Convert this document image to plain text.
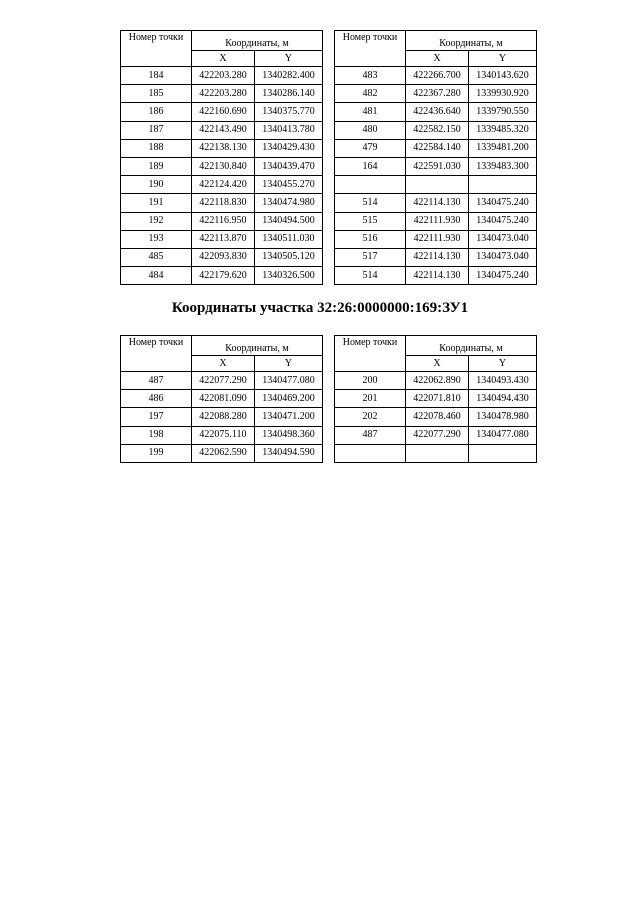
Номер точки	Координаты, м	
	X	Y
184	422203.280	1340282.400
185	422203.280	1340286.140
186	422160.690	1340375.770
187	422143.490	1340413.780
188	422138.130	1340429.430
189	422130.840	1340439.470
190	422124.420	1340455.270
191	422118.830	1340474.980
192	422116.950	1340494.500
193	422113.870	1340511.030
485	422093.830	1340505.120
484	422179.620	1340326.500
Номер точки	Координаты, м	
	X	Y
483	422266.700	1340143.620
482	422367.280	1339930.920
481	422436.640	1339790.550
480	422582.150	1339485.320
479	422584.140	1339481.200
164	422591.030	1339483.300

514	422114.130	1340475.240
515	422111.930	1340475.240
516	422111.930	1340473.040
517	422114.130	1340473.040
514	422114.130	1340475.240
Координаты участка 32:26:0000000:169:ЗУ1
Номер точки	Координаты, м	
	X	Y
487	422077.290	1340477.080
486	422081.090	1340469.200
197	422088.280	1340471.200
198	422075.110	1340498.360
199	422062.590	1340494.590
Номер точки	Координаты, м	
	X	Y
200	422062.890	1340493.430
201	422071.810	1340494.430
202	422078.460	1340478.980
487	422077.290	1340477.080
